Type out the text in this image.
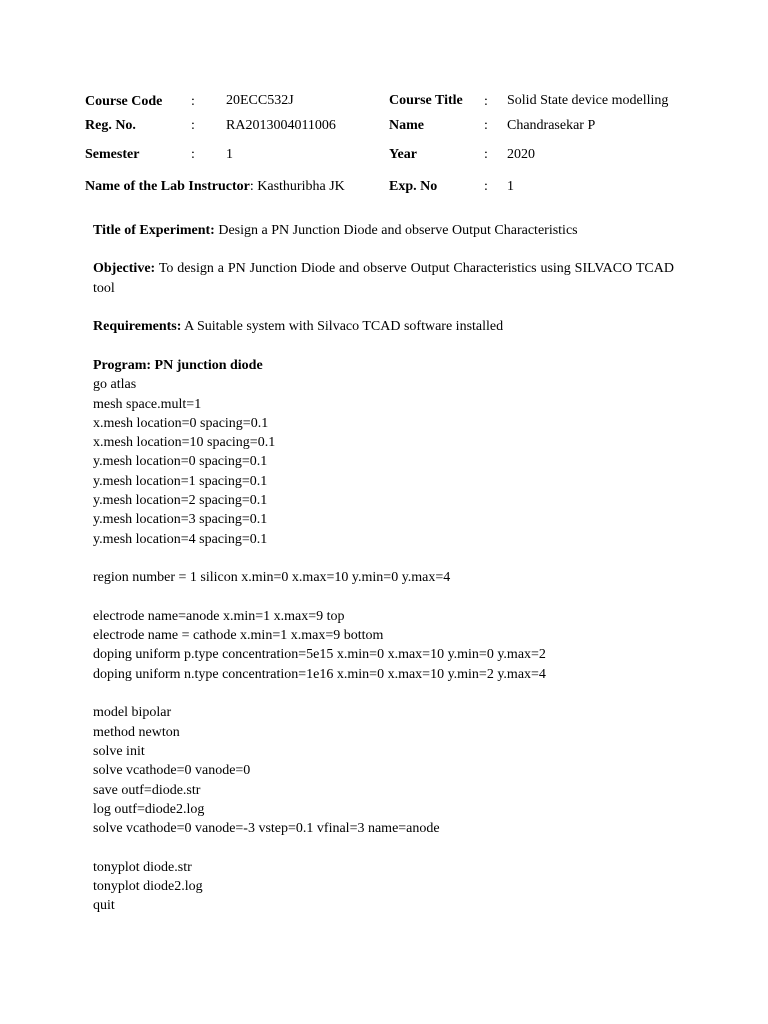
Course Code : 20ECC532J	Course Title : Solid State device modelling
Reg. No.	: RA2013004011006	Name	: Chandrasekar P
Semester	: 1	Year	: 2020
Name of the Lab Instructor: Kasthuribha JK	Exp. No	: 1
Title of Experiment: Design a PN Junction Diode and observe Output Characteristics
Objective: To design a PN Junction Diode and observe Output Characteristics using SILVACO TCAD tool
Requirements: A Suitable system with Silvaco TCAD software installed
Program: PN junction diode
go atlas
mesh space.mult=1
x.mesh location=0 spacing=0.1
x.mesh location=10 spacing=0.1
y.mesh location=0 spacing=0.1
y.mesh location=1 spacing=0.1
y.mesh location=2 spacing=0.1
y.mesh location=3 spacing=0.1
y.mesh location=4 spacing=0.1
region number = 1 silicon x.min=0 x.max=10 y.min=0 y.max=4
electrode name=anode x.min=1 x.max=9 top
electrode name = cathode x.min=1 x.max=9 bottom
doping uniform p.type concentration=5e15 x.min=0 x.max=10 y.min=0 y.max=2
doping uniform n.type concentration=1e16 x.min=0 x.max=10 y.min=2 y.max=4
model bipolar
method newton
solve init
solve vcathode=0 vanode=0
save outf=diode.str
log outf=diode2.log
solve vcathode=0 vanode=-3 vstep=0.1 vfinal=3 name=anode
tonyplot diode.str
tonyplot diode2.log
quit
